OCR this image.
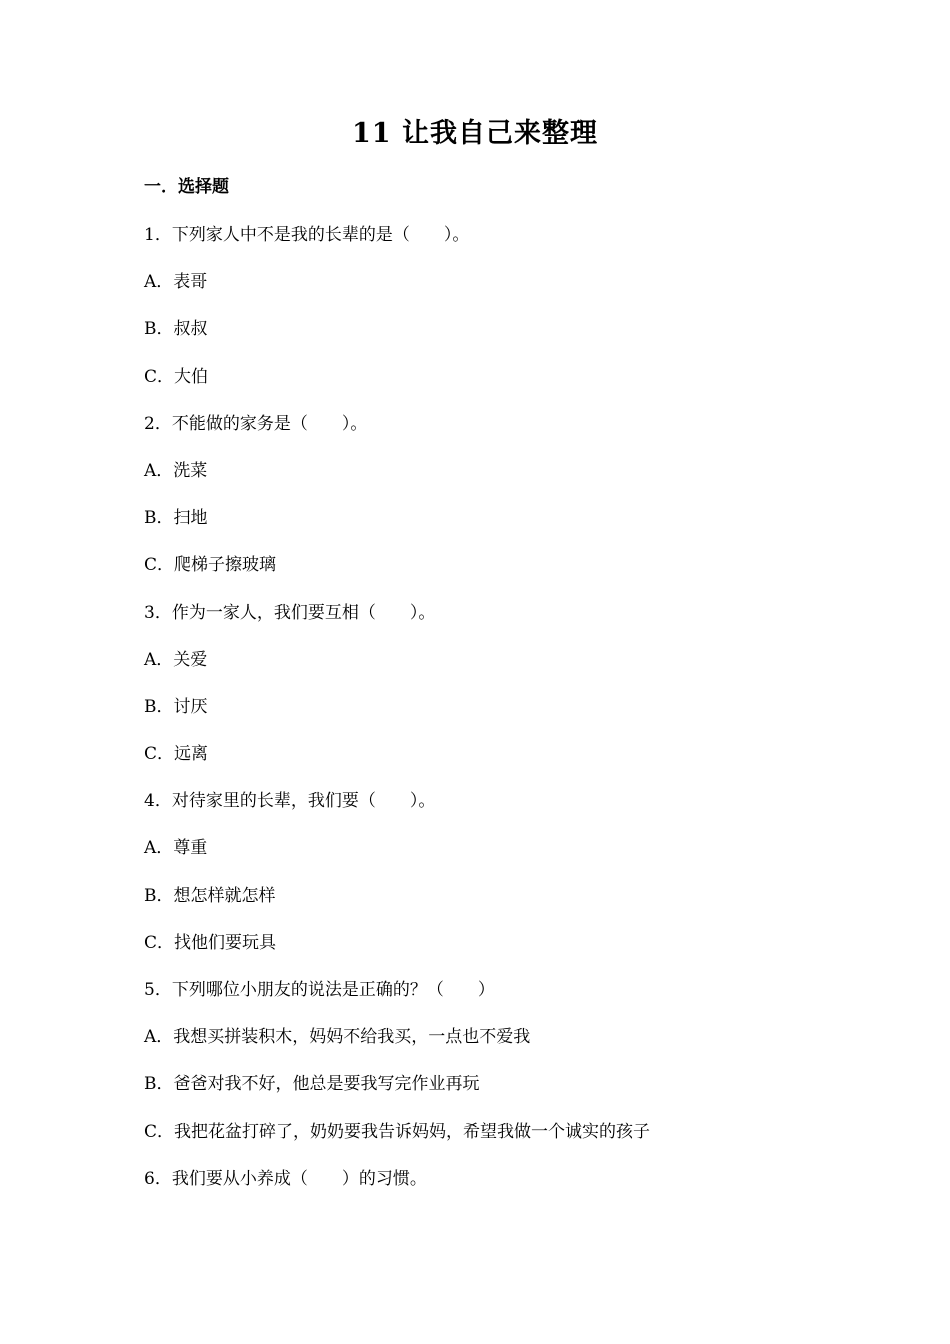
11 让我自己来整理
一．选择题
1．下列家人中不是我的长辈的是（　　）。
A．表哥
B．叔叔
C．大伯
2．不能做的家务是（　　）。
A．洗菜
B．扫地
C．爬梯子擦玻璃
3．作为一家人，我们要互相（　　）。
A．关爱
B．讨厌
C．远离
4．对待家里的长辈，我们要（　　）。
A．尊重
B．想怎样就怎样
C．找他们要玩具
5．下列哪位小朋友的说法是正确的？（　　）
A．我想买拼装积木，妈妈不给我买，一点也不爱我
B．爸爸对我不好，他总是要我写完作业再玩
C．我把花盆打碎了，奶奶要我告诉妈妈，希望我做一个诚实的孩子
6．我们要从小养成（　　）的习惯。
